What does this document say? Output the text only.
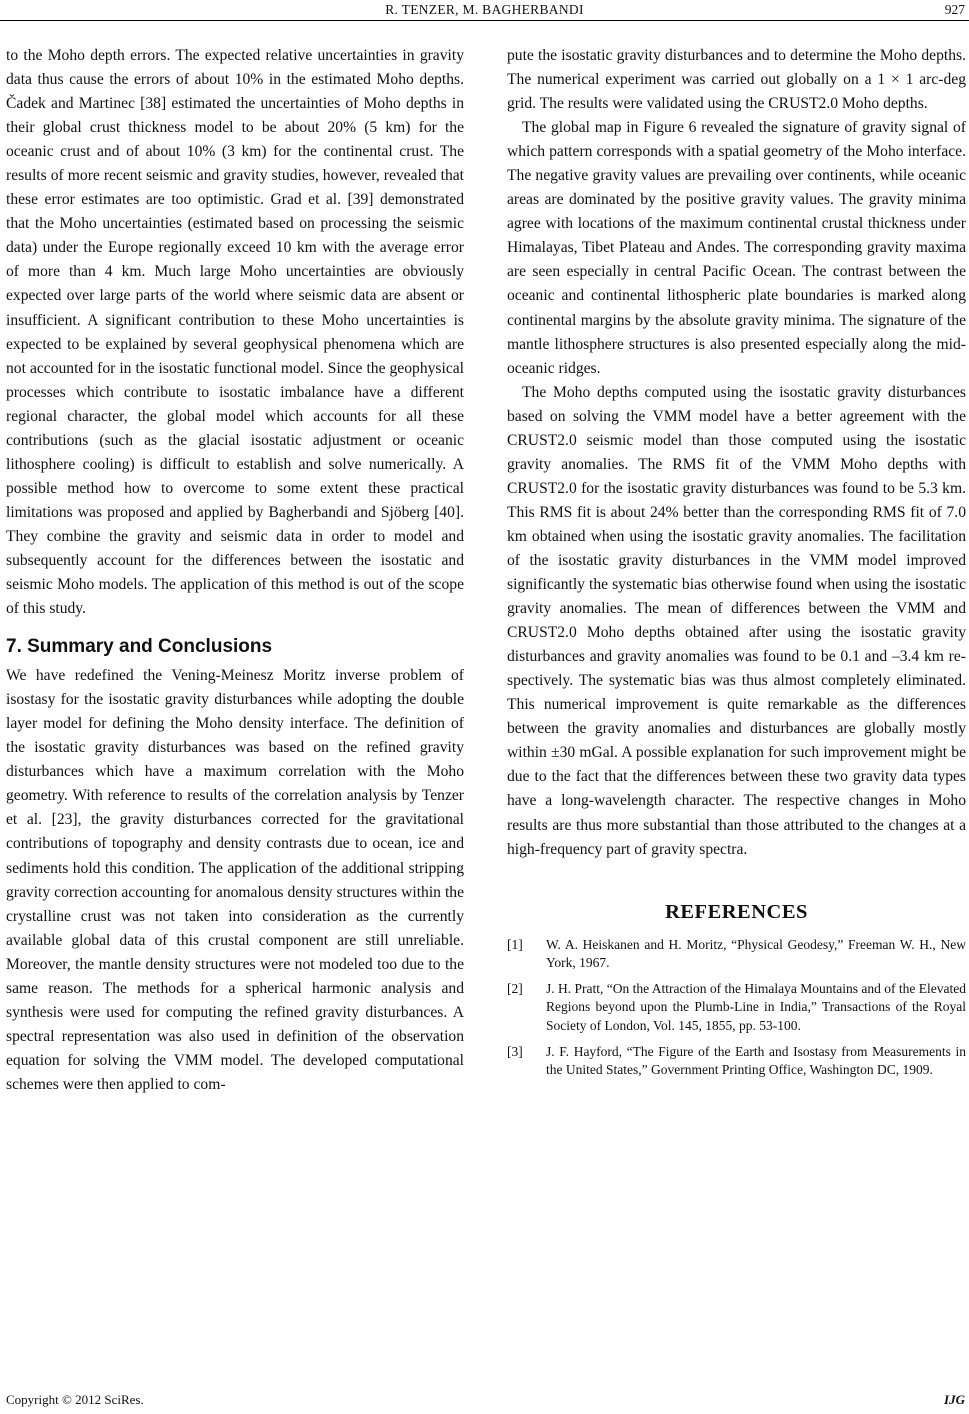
R. TENZER, M. BAGHERBANDI	927

to the Moho depth errors. The expected relative uncertainties in gravity data thus cause the errors of about 10% in the estimated Moho depths. Čadek and Martinec [38] estimated the uncertainties of Moho depths in their global crust thickness model to be about 20% (5 km) for the oceanic crust and of about 10% (3 km) for the continental crust. The results of more recent seismic and gravity studies, however, revealed that these error estimates are too optimistic. Grad et al. [39] demonstrated that the Moho uncertainties (estimated based on processing the seismic data) under the Europe regionally exceed 10 km with the average error of more than 4 km. Much large Moho uncertainties are obviously expected over large parts of the world where seismic data are absent or insufficient. A significant contribution to these Moho uncertainties is expected to be explained by several geophysical phenomena which are not accounted for in the isostatic functional model. Since the geophysical processes which contribute to isostatic imbalance have a different regional character, the global model which accounts for all these contributions (such as the glacial isostatic adjustment or oceanic lithosphere cooling) is difficult to establish and solve numerically. A possible method how to overcome to some extent these practical limitations was proposed and applied by Bagherbandi and Sjöberg [40]. They combine the gravity and seismic data in order to model and subsequently account for the differences between the isostatic and seismic Moho models. The application of this method is out of the scope of this study.

7. Summary and Conclusions

We have redefined the Vening-Meinesz Moritz inverse problem of isostasy for the isostatic gravity disturbances while adopting the double layer model for defining the Moho density interface. The definition of the isostatic gravity disturbances was based on the refined gravity disturbances which have a maximum correlation with the Moho geometry. With reference to results of the correlation analysis by Tenzer et al. [23], the gravity disturbances corrected for the gravitational contributions of topography and density contrasts due to ocean, ice and sediments hold this condition. The application of the additional stripping gravity correction accounting for anomalous density structures within the crystalline crust was not taken into consideration as the currently available global data of this crustal component are still unreliable. Moreover, the mantle density structures were not modeled too due to the same reason. The methods for a spherical harmonic analysis and synthesis were used for computing the refined gravity disturbances. A spectral representation was also used in definition of the observation equation for solving the VMM model. The developed computational schemes were then applied to com-

pute the isostatic gravity disturbances and to determine the Moho depths. The numerical experiment was carried out globally on a 1 × 1 arc-deg grid. The results were validated using the CRUST2.0 Moho depths.

The global map in Figure 6 revealed the signature of gravity signal of which pattern corresponds with a spatial geometry of the Moho interface. The negative gravity values are prevailing over continents, while oceanic areas are dominated by the positive gravity values. The gravity minima agree with locations of the maximum continental crustal thickness under Himalayas, Tibet Plateau and Andes. The corresponding gravity maxima are seen especially in central Pacific Ocean. The contrast between the oceanic and continental lithospheric plate boundaries is marked along continental margins by the absolute gravity minima. The signature of the mantle lithosphere structures is also presented especially along the mid-oceanic ridges.

The Moho depths computed using the isostatic gravity disturbances based on solving the VMM model have a better agreement with the CRUST2.0 seismic model than those computed using the isostatic gravity anomalies. The RMS fit of the VMM Moho depths with CRUST2.0 for the isostatic gravity disturbances was found to be 5.3 km. This RMS fit is about 24% better than the corresponding RMS fit of 7.0 km obtained when using the isostatic gravity anomalies. The facilitation of the isostatic gravity disturbances in the VMM model improved significantly the systematic bias otherwise found when using the isostatic gravity anomalies. The mean of differences between the VMM and CRUST2.0 Moho depths obtained after using the isostatic gravity disturbances and gravity anomalies was found to be 0.1 and –3.4 km respectively. The systematic bias was thus almost completely eliminated. This numerical improvement is quite remarkable as the differences between the gravity anomalies and disturbances are globally mostly within ±30 mGal. A possible explanation for such improvement might be due to the fact that the differences between these two gravity data types have a long-wavelength character. The respective changes in Moho results are thus more substantial than those attributed to the changes at a high-frequency part of gravity spectra.

REFERENCES
[1]	W. A. Heiskanen and H. Moritz, “Physical Geodesy,” Freeman W. H., New York, 1967.
[2]	J. H. Pratt, “On the Attraction of the Himalaya Mountains and of the Elevated Regions beyond upon the Plumb-Line in India,” Transactions of the Royal Society of London, Vol. 145, 1855, pp. 53-100.
[3]	J. F. Hayford, “The Figure of the Earth and Isostasy from Measurements in the United States,” Government Printing Office, Washington DC, 1909.
Copyright © 2012 SciRes.	IJG
